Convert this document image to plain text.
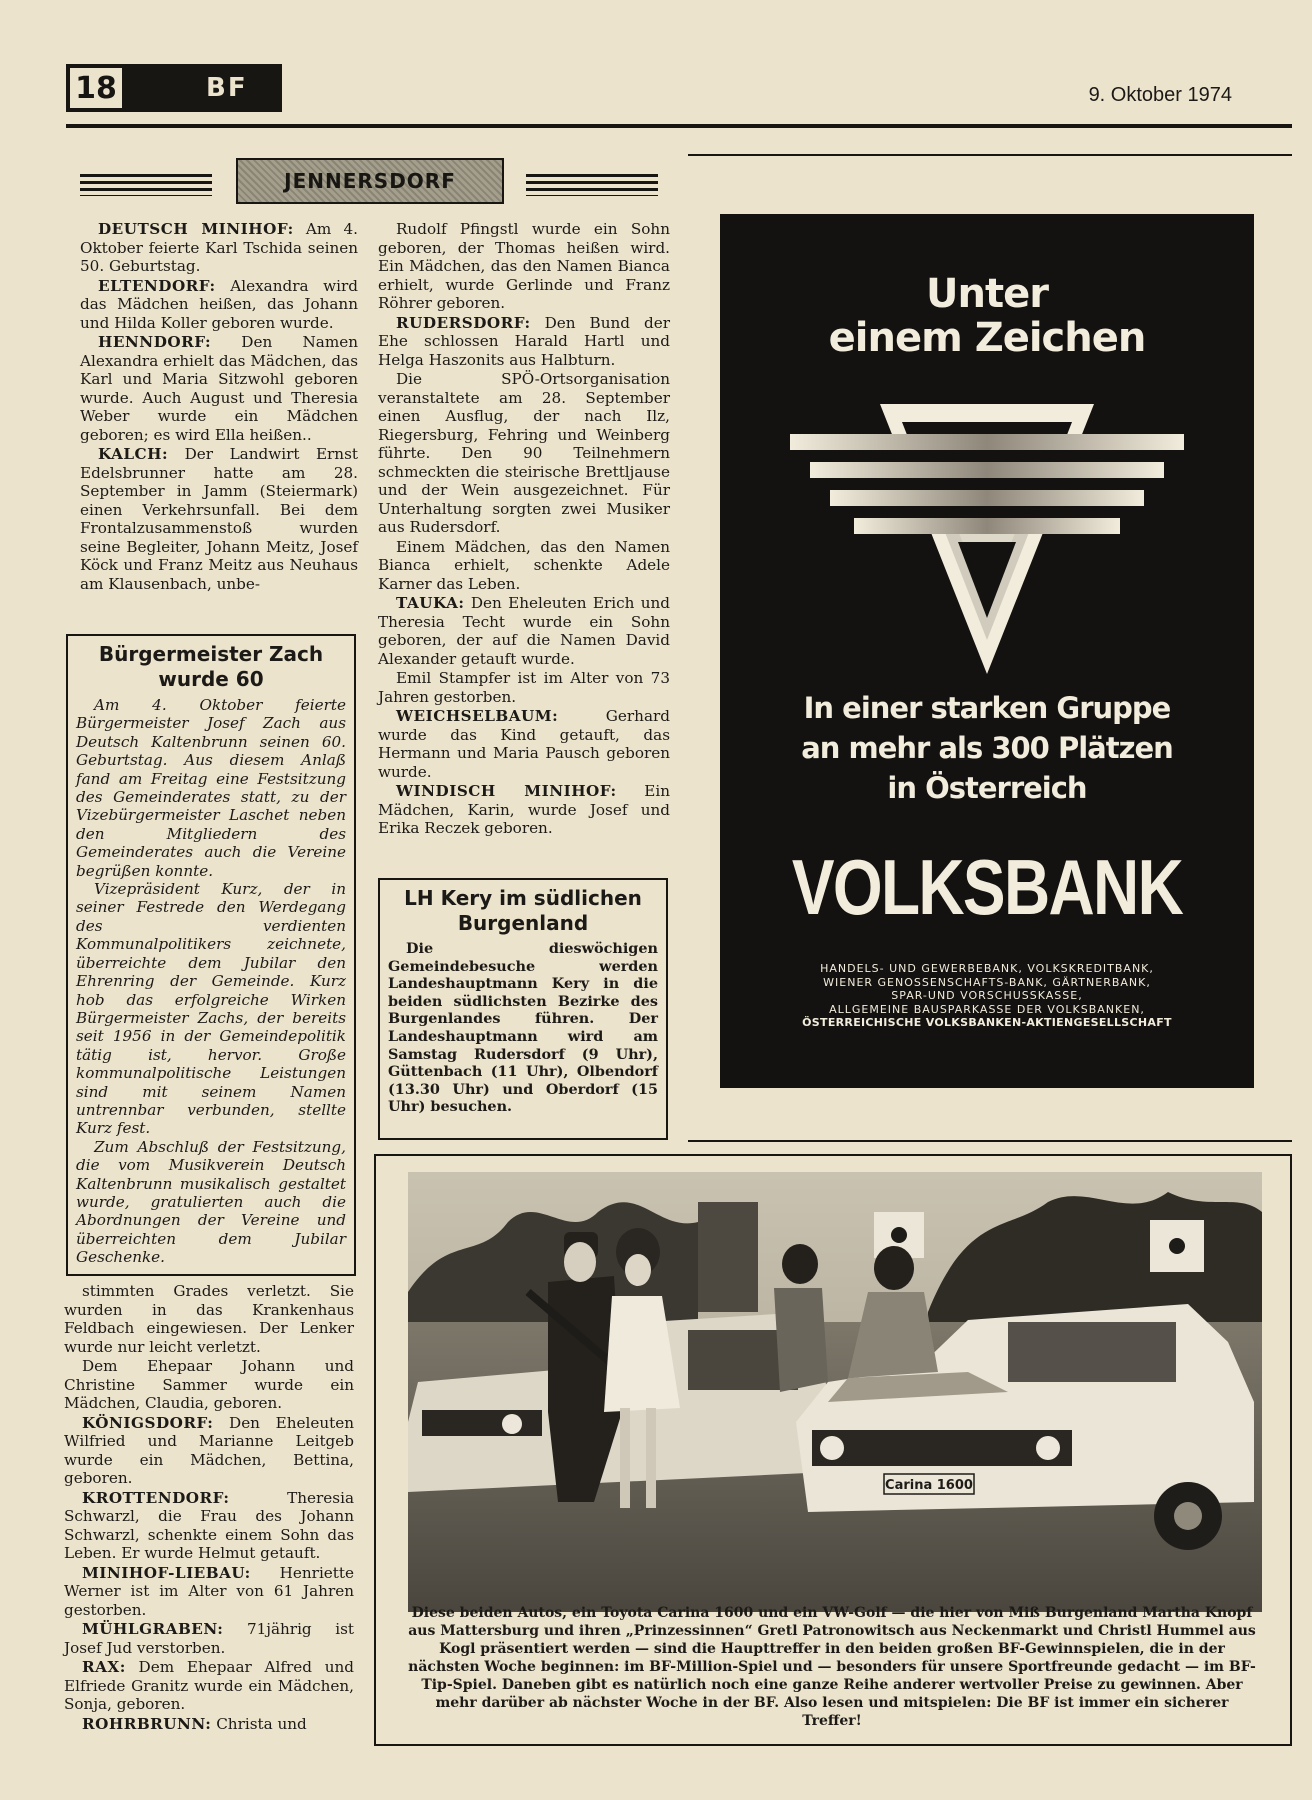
18	BF	9. Oktober 1974
JENNERSDORF

DEUTSCH MINIHOF: Am 4. Oktober feierte Karl Tschida seinen 50. Geburtstag.

ELTENDORF: Alexandra wird das Mädchen heißen, das Johann und Hilda Koller geboren wurde.

HENNDORF: Den Namen Alexandra erhielt das Mädchen, das Karl und Maria Sitzwohl geboren wurde. Auch August und Theresia Weber wurde ein Mädchen geboren; es wird Ella heißen..

KALCH: Der Landwirt Ernst Edelsbrunner hatte am 28. September in Jamm (Steiermark) einen Verkehrsunfall. Bei dem Frontalzusammenstoß wurden seine Begleiter, Johann Meitz, Josef Köck und Franz Meitz aus Neuhaus am Klausenbach, unbe-

Bürgermeister Zach wurde 60

Am 4. Oktober feierte Bürgermeister Josef Zach aus Deutsch Kaltenbrunn seinen 60. Geburtstag. Aus diesem Anlaß fand am Freitag eine Festsitzung des Gemeinderates statt, zu der Vizebürgermeister Laschet neben den Mitgliedern des Gemeinderates auch die Vereine begrüßen konnte.

Vizepräsident Kurz, der in seiner Festrede den Werdegang des verdienten Kommunalpolitikers zeichnete, überreichte dem Jubilar den Ehrenring der Gemeinde. Kurz hob das erfolgreiche Wirken Bürgermeister Zachs, der bereits seit 1956 in der Gemeindepolitik tätig ist, hervor. Große kommunalpolitische Leistungen sind mit seinem Namen untrennbar verbunden, stellte Kurz fest.

Zum Abschluß der Festsitzung, die vom Musikverein Deutsch Kaltenbrunn musikalisch gestaltet wurde, gratulierten auch die Abordnungen der Vereine und überreichten dem Jubilar Geschenke.

stimmten Grades verletzt. Sie wurden in das Krankenhaus Feldbach eingewiesen. Der Lenker wurde nur leicht verletzt.

Dem Ehepaar Johann und Christine Sammer wurde ein Mädchen, Claudia, geboren.

KÖNIGSDORF: Den Eheleuten Wilfried und Marianne Leitgeb wurde ein Mädchen, Bettina, geboren.

KROTTENDORF:	Theresia Schwarzl, die Frau des Johann Schwarzl, schenkte einem Sohn das Leben. Er wurde Helmut getauft.

MINIHOF-LIEBAU: Henriette Werner ist im Alter von 61 Jahren gestorben.

MÜHLGRABEN: 71jährig ist Josef Jud verstorben.

RAX: Dem Ehepaar Alfred und Elfriede Granitz wurde ein Mädchen, Sonja, geboren.

ROHRBRUNN: Christa und

Rudolf Pfingstl wurde ein Sohn geboren, der Thomas heißen wird. Ein Mädchen, das den Namen Bianca erhielt, wurde Gerlinde und Franz Röhrer geboren.

RUDERSDORF: Den Bund der Ehe schlossen Harald Hartl und Helga Haszonits aus Halbturn.

Die SPÖ-Ortsorganisation veranstaltete am 28. September einen Ausflug, der nach Ilz, Riegersburg, Fehring und Weinberg führte. Den 90 Teilnehmern schmeckten die steirische Brettljause und der Wein ausgezeichnet. Für Unterhaltung sorgten zwei Musiker aus Rudersdorf.

Einem Mädchen, das den Namen Bianca erhielt, schenkte Adele Karner das Leben.

TAUKA: Den Eheleuten Erich und Theresia Techt wurde ein Sohn geboren, der auf die Namen David Alexander getauft wurde.

Emil Stampfer ist im Alter von 73 Jahren gestorben.

WEICHSELBAUM:	Gerhard wurde das Kind getauft, das Hermann und Maria Pausch geboren wurde.

WINDISCH MINIHOF: Ein Mädchen, Karin, wurde Josef und Erika Reczek geboren.

LH Kery im südlichen Burgenland
Die dieswöchigen Gemeindebesuche werden Landeshauptmann Kery in die beiden südlichsten Bezirke des Burgenlandes führen. Der Landeshauptmann wird am Samstag Rudersdorf (9 Uhr), Güttenbach (11 Uhr), Olbendorf (13.30 Uhr) und Oberdorf (15 Uhr) besuchen.
Unter
einem Zeichen
In einer starken Gruppe
an mehr als 300 Plätzen
in Österreich
VOLKSBANK
HANDELS- UND GEWERBEBANK, VOLKSKREDITBANK,
WIENER GENOSSENSCHAFTS-BANK, GÄRTNERBANK,
SPAR-UND VORSCHUSSKASSE,
ALLGEMEINE BAUSPARKASSE DER VOLKSBANKEN,
ÖSTERREICHISCHE VOLKSBANKEN-AKTIENGESELLSCHAFT
Carina 1600
Diese beiden Autos, ein Toyota Carina 1600 und ein VW-Golf — die hier von Miß Burgenland Martha Knopf aus Mattersburg und ihren „Prinzessinnen“ Gretl Patronowitsch aus Neckenmarkt und Christl Hummel aus Kogl präsentiert werden — sind die Haupttreffer in den beiden großen BF-Gewinnspielen, die in der nächsten Woche beginnen: im BF-Million-Spiel und — besonders für unsere Sportfreunde gedacht — im BF-Tip-Spiel. Daneben gibt es natürlich noch eine ganze Reihe anderer wertvoller Preise zu gewinnen. Aber mehr darüber ab nächster Woche in der BF. Also lesen und mitspielen: Die BF ist immer ein sicherer Treffer!
